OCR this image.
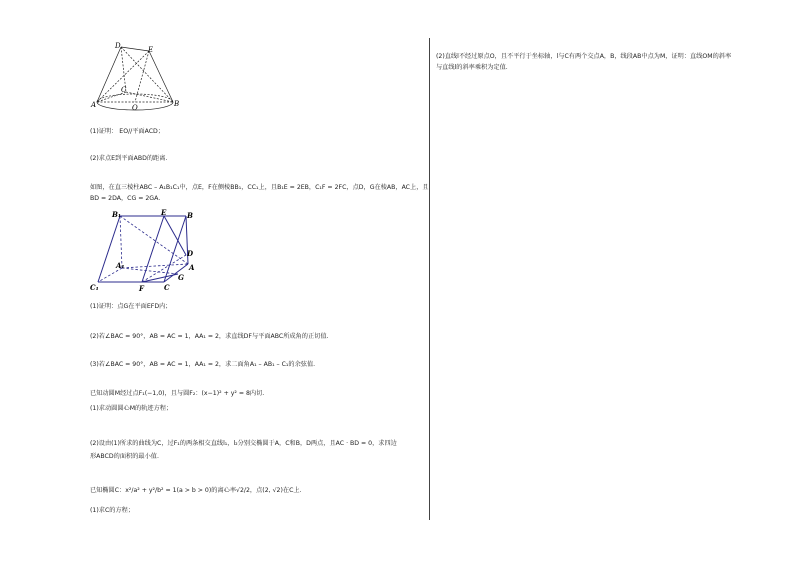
D	E
C
A	O	B
(1)证明： EO//平面ACD；
(2)求点E到平面ABD的距离.
如图，在直三棱柱ABC – A₁B₁C₁中，点E，F在侧棱BB₁，CC₁上，且B₁E = 2EB，C₁F = 2FC，点D，G在棱AB，AC上，且
BD = 2DA，CG = 2GA.
B₁	E	B
A₁
D
A
C₁	F	C
G
(1)证明：点G在平面EFD内；
(2)若∠BAC = 90°，AB = AC = 1，AA₁ = 2，求直线DF与平面ABC所成角的正切值.
(3)若∠BAC = 90°，AB = AC = 1，AA₁ = 2，求二面角A₁ – AB₁ – C₁的余弦值.
已知动圆M经过点F₁(−1,0)，且与圆F₂：(x−1)² + y² = 8内切.
(1)求动圆圆心M的轨迹方程；
(2)设由(1)所求的曲线为C，过F₁的两条相交直线l₁，l₂分别交椭圆于A，C和B，D两点，且AC · BD = 0，求四边
形ABCD的面积的最小值.
已知椭圆C：x²/a² + y²/b² = 1(a > b > 0)的离心率√2/2，点(2, √2)在C上.
(1)求C的方程；
(2)直线l不经过原点O，且不平行于坐标轴，l与C有两个交点A，B，线段AB中点为M，证明：直线OM的斜率
与直线l的斜率乘积为定值.
